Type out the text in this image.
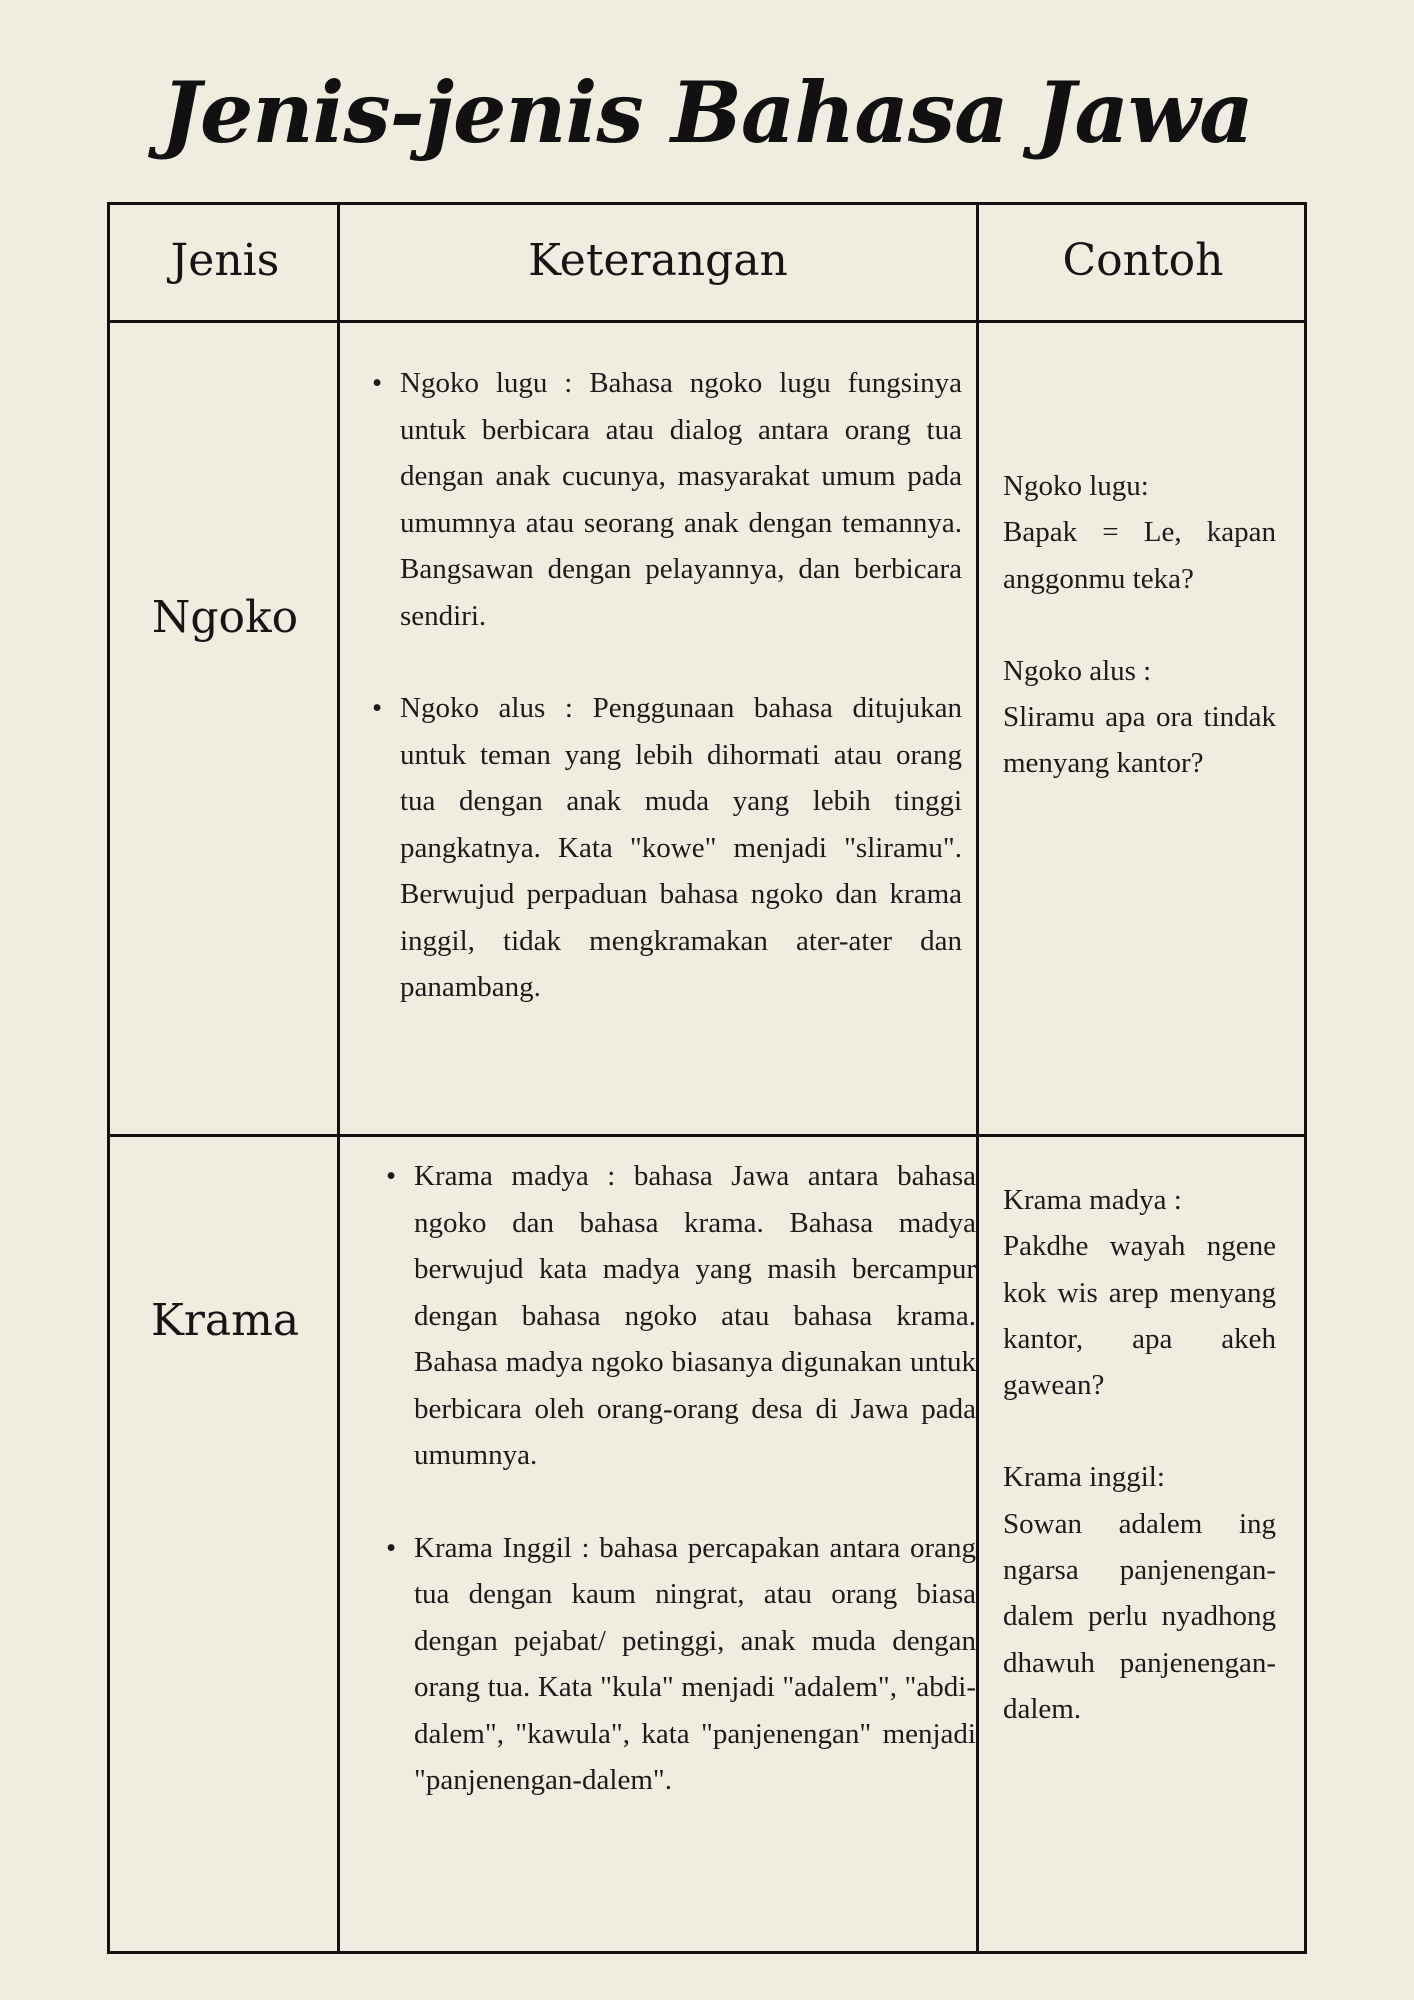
Jenis-jenis Bahasa Jawa
Jenis	Keterangan	Contoh
Ngoko
• Ngoko lugu : Bahasa ngoko lugu fungsinya untuk berbicara atau dialog antara orang tua dengan anak cucunya, masyarakat umum pada umumnya atau seorang anak dengan temannya. Bangsawan dengan pelayannya, dan berbicara sendiri.
• Ngoko alus : Penggunaan bahasa ditujukan untuk teman yang lebih dihormati atau orang tua dengan anak muda yang lebih tinggi pangkatnya. Kata "kowe" menjadi "sliramu". Berwujud perpaduan bahasa ngoko dan krama inggil, tidak mengkramakan ater-ater dan panambang.
Ngoko lugu:
Bapak = Le, kapan anggonmu teka?
Ngoko alus :
Sliramu apa ora tindak menyang kantor?
Krama
• Krama madya : bahasa Jawa antara bahasa ngoko dan bahasa krama. Bahasa madya berwujud kata madya yang masih bercampur dengan bahasa ngoko atau bahasa krama. Bahasa madya ngoko biasanya digunakan untuk berbicara oleh orang-orang desa di Jawa pada umumnya.
• Krama Inggil : bahasa percapakan antara orang tua dengan kaum ningrat, atau orang biasa dengan pejabat/ petinggi, anak muda dengan orang tua. Kata "kula" menjadi "adalem", "abdi-dalem", "kawula", kata "panjenengan" menjadi "panjenengan-dalem".
Krama madya :
Pakdhe wayah ngene kok wis arep menyang kantor, apa akeh gawean?
Krama inggil:
Sowan adalem ing ngarsa panjenengan-dalem perlu nyadhong dhawuh panjenengan-dalem.
